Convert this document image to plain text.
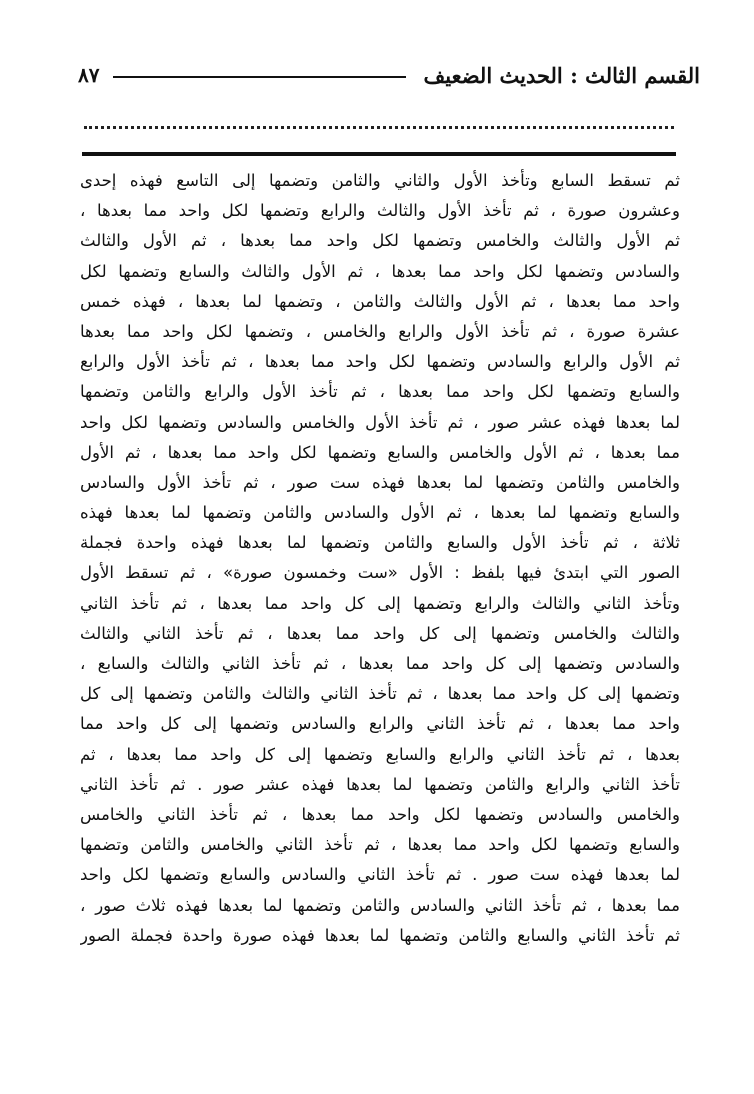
القسم الثالث : الحديث الضعيف
٨٧
ثم تسقط السابع وتأخذ الأول والثاني والثامن وتضمها إلى التاسع فهذه إحدى
وعشرون صورة ، ثم تأخذ الأول والثالث والرابع وتضمها لكل واحد مما بعدها ،
ثم الأول والثالث والخامس وتضمها لكل واحد مما بعدها ، ثم الأول والثالث
والسادس وتضمها لكل واحد مما بعدها ، ثم الأول والثالث والسابع وتضمها لكل
واحد مما بعدها ، ثم الأول والثالث والثامن ، وتضمها لما بعدها ، فهذه خمس
عشرة صورة ، ثم تأخذ الأول والرابع والخامس ، وتضمها لكل واحد مما بعدها
ثم الأول والرابع والسادس وتضمها لكل واحد مما بعدها ، ثم تأخذ الأول والرابع
والسابع وتضمها لكل واحد مما بعدها ، ثم تأخذ الأول والرابع والثامن وتضمها
لما بعدها فهذه عشر صور ، ثم تأخذ الأول والخامس والسادس وتضمها لكل واحد
مما بعدها ، ثم الأول والخامس والسابع وتضمها لكل واحد مما بعدها ، ثم الأول
والخامس والثامن وتضمها لما بعدها فهذه ست صور ، ثم تأخذ الأول والسادس
والسابع وتضمها لما بعدها ، ثم الأول والسادس والثامن وتضمها لما بعدها فهذه
ثلاثة ، ثم تأخذ الأول والسابع والثامن وتضمها لما بعدها فهذه واحدة فجملة
الصور التي ابتدئ فيها بلفظ : الأول «ست وخمسون صورة» ، ثم تسقط الأول
وتأخذ الثاني والثالث والرابع وتضمها إلى كل واحد مما بعدها ، ثم تأخذ الثاني
والثالث والخامس وتضمها إلى كل واحد مما بعدها ، ثم تأخذ الثاني والثالث
والسادس وتضمها إلى كل واحد مما بعدها ، ثم تأخذ الثاني والثالث والسابع ،
وتضمها إلى كل واحد مما بعدها ، ثم تأخذ الثاني والثالث والثامن وتضمها إلى كل
واحد مما بعدها ، ثم تأخذ الثاني والرابع والسادس وتضمها إلى كل واحد مما
بعدها ، ثم تأخذ الثاني والرابع والسابع وتضمها إلى كل واحد مما بعدها ، ثم
تأخذ الثاني والرابع والثامن وتضمها لما بعدها فهذه عشر صور . ثم تأخذ الثاني
والخامس والسادس وتضمها لكل واحد مما بعدها ، ثم تأخذ الثاني والخامس
والسابع وتضمها لكل واحد مما بعدها ، ثم تأخذ الثاني والخامس والثامن وتضمها
لما بعدها فهذه ست صور . ثم تأخذ الثاني والسادس والسابع وتضمها لكل واحد
مما بعدها ، ثم تأخذ الثاني والسادس والثامن وتضمها لما بعدها فهذه ثلاث صور ،
ثم تأخذ الثاني والسابع والثامن وتضمها لما بعدها فهذه صورة واحدة فجملة الصور
